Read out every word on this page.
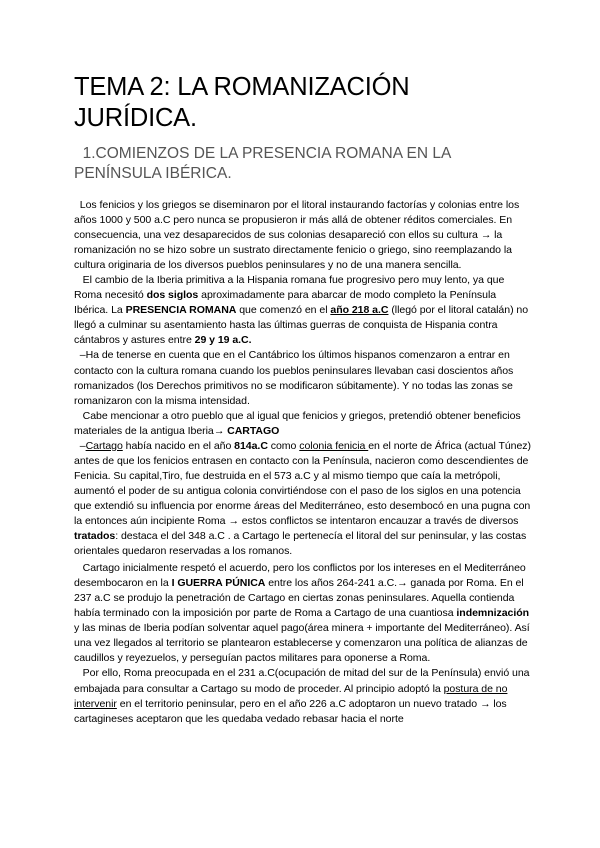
TEMA 2: LA ROMANIZACIÓN
JURÍDICA.
1.COMIENZOS DE LA PRESENCIA ROMANA EN LA
PENÍNSULA IBÉRICA.

Los fenicios y los griegos se diseminaron por el litoral instaurando factorías y colonias entre los años 1000 y 500 a.C pero nunca se propusieron ir más allá de obtener réditos comerciales. En consecuencia, una vez desaparecidos de sus colonias desapareció con ellos su cultura → la romanización no se hizo sobre un sustrato directamente fenicio o griego, sino reemplazando la cultura originaria de los diversos pueblos peninsulares y no de una manera sencilla.

El cambio de la Iberia primitiva a la Hispania romana fue progresivo pero muy lento, ya que Roma necesitó dos siglos aproximadamente para abarcar de modo completo la Península Ibérica. La PRESENCIA ROMANA que comenzó en el año 218 a.C (llegó por el litoral catalán) no llegó a culminar su asentamiento hasta las últimas guerras de conquista de Hispania contra cántabros y astures entre 29 y 19 a.C.

–Ha de tenerse en cuenta que en el Cantábrico los últimos hispanos comenzaron a entrar en contacto con la cultura romana cuando los pueblos peninsulares llevaban casi doscientos años romanizados (los Derechos primitivos no se modificaron súbitamente). Y no todas las zonas se romanizaron con la misma intensidad.

Cabe mencionar a otro pueblo que al igual que fenicios y griegos, pretendió obtener beneficios materiales de la antigua Iberia→ CARTAGO

–Cartago había nacido en el año 814a.C como colonia fenicia en el norte de África (actual Túnez) antes de que los fenicios entrasen en contacto con la Península, nacieron como descendientes de Fenicia. Su capital,Tiro, fue destruida en el 573 a.C y al mismo tiempo que caía la metrópoli, aumentó el poder de su antigua colonia convirtiéndose con el paso de los siglos en una potencia que extendió su influencia por enorme áreas del Mediterráneo, esto desembocó en una pugna con la entonces aún incipiente Roma → estos conflictos se intentaron encauzar a través de diversos tratados: destaca el del 348 a.C . a Cartago le pertenecía el litoral del sur peninsular, y las costas orientales quedaron reservadas a los romanos.

Cartago inicialmente respetó el acuerdo, pero los conflictos por los intereses en el Mediterráneo desembocaron en la I GUERRA PÚNICA entre los años 264-241 a.C.→ ganada por Roma. En el 237 a.C se produjo la penetración de Cartago en ciertas zonas peninsulares. Aquella contienda había terminado con la imposición por parte de Roma a Cartago de una cuantiosa indemnización y las minas de Iberia podían solventar aquel pago(área minera + importante del Mediterráneo). Así una vez llegados al territorio se plantearon establecerse y comenzaron una política de alianzas de caudillos y reyezuelos, y perseguían pactos militares para oponerse a Roma.

Por ello, Roma preocupada en el 231 a.C(ocupación de mitad del sur de la Península) envió una embajada para consultar a Cartago su modo de proceder. Al principio adoptó la postura de no intervenir en el territorio peninsular, pero en el año 226 a.C adoptaron un nuevo tratado → los cartagineses aceptaron que les quedaba vedado rebasar hacia el norte
